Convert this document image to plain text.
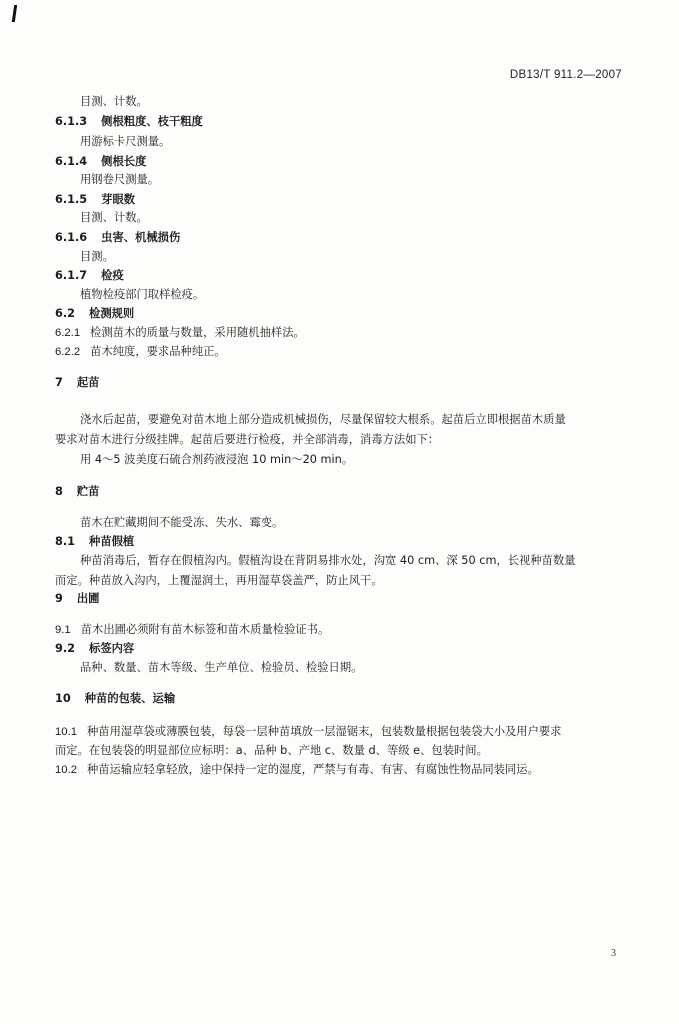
DB13/T 911.2—2007
目测、计数。
6.1.3 侧根粗度、枝干粗度
用游标卡尺测量。
6.1.4 侧根长度
用钢卷尺测量。
6.1.5 芽眼数
目测、计数。
6.1.6 虫害、机械损伤
目测。
6.1.7 检疫
植物检疫部门取样检疫。
6.2 检测规则
6.2.1 检测苗木的质量与数量，采用随机抽样法。
6.2.2 苗木纯度，要求品种纯正。
7 起苗
浇水后起苗，要避免对苗木地上部分造成机械损伤，尽量保留较大根系。起苗后立即根据苗木质量
要求对苗木进行分级挂牌。起苗后要进行检疫，并全部消毒，消毒方法如下：
用 4～5 波美度石硫合剂药液浸泡 10 min～20 min。
8 贮苗
苗木在贮藏期间不能受冻、失水、霉变。
8.1 种苗假植
种苗消毒后，暂存在假植沟内。假植沟设在背阴易排水处，沟宽 40 cm、深 50 cm，长视种苗数量
而定。种苗放入沟内，上覆湿润土，再用湿草袋盖严，防止风干。
9 出圃
9.1 苗木出圃必须附有苗木标签和苗木质量检验证书。
9.2 标签内容
品种、数量、苗木等级、生产单位、检验员、检验日期。
10 种苗的包装、运输
10.1 种苗用湿草袋或薄膜包装，每袋一层种苗填放一层湿锯末，包装数量根据包装袋大小及用户要求
而定。在包装袋的明显部位应标明：a、品种 b、产地 c、数量 d、等级 e、包装时间。
10.2 种苗运输应轻拿轻放，途中保持一定的湿度，严禁与有毒、有害、有腐蚀性物品同装同运。
3
